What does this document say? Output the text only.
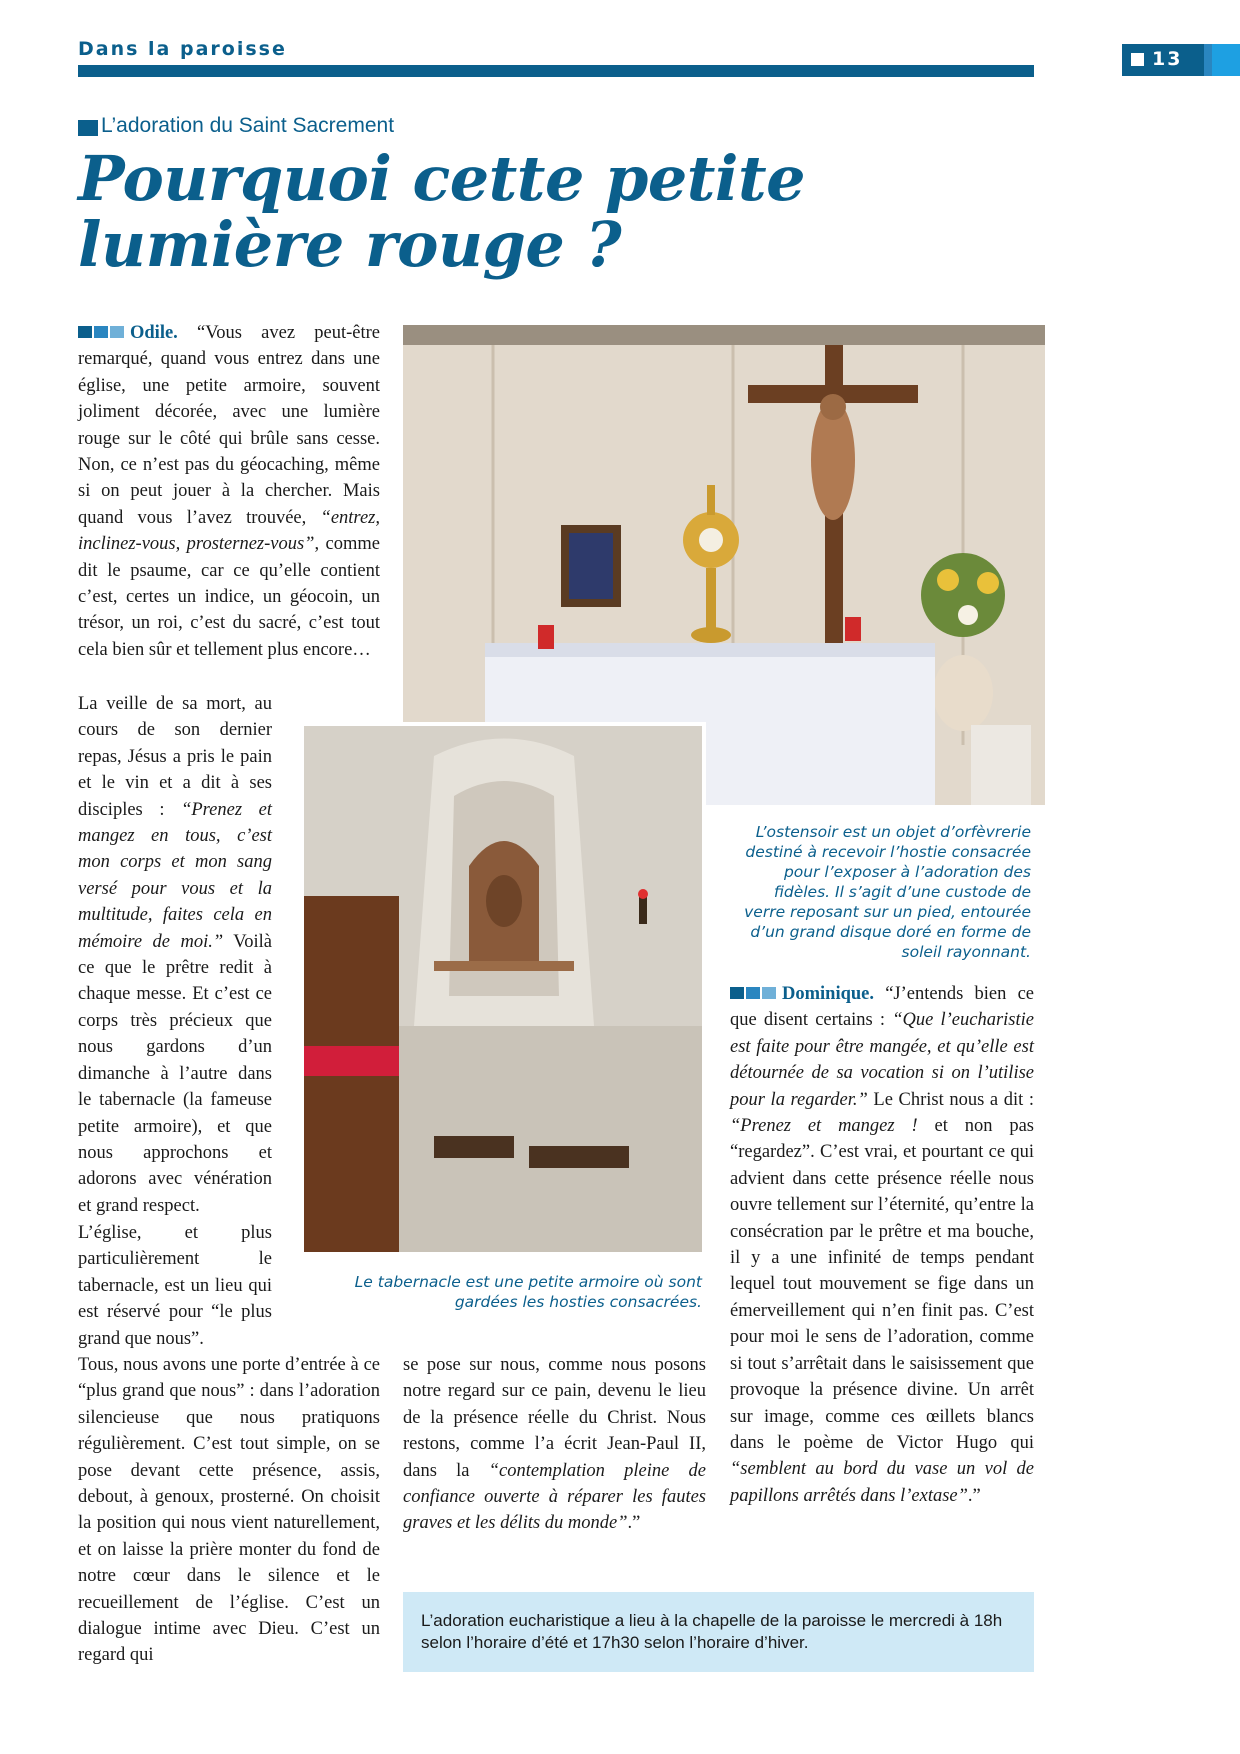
Dans la paroisse	13
L’adoration du Saint Sacrement
Pourquoi cette petite lumière rouge ?

L’ostensoir est un objet d’orfèvrerie destiné à recevoir l’hostie consacrée pour l’exposer à l’adoration des fidèles. Il s’agit d’une custode de verre reposant sur un pied, entourée d’un grand disque doré en forme de soleil rayonnant.

Le tabernacle est une petite armoire où sont gardées les hosties consacrées.

Odile. “Vous avez peut-être remarqué, quand vous entrez dans une église, une petite armoire, souvent joliment décorée, avec une lumière rouge sur le côté qui brûle sans cesse. Non, ce n’est pas du géocaching, même si on peut jouer à la chercher. Mais quand vous l’avez trouvée, “entrez, inclinez-vous, prosternez-vous”, comme dit le psaume, car ce qu’elle contient c’est, certes un indice, un géocoin, un trésor, un roi, c’est du sacré, c’est tout cela bien sûr et tellement plus encore…

La veille de sa mort, au cours de son dernier repas, Jésus a pris le pain et le vin et a dit à ses disciples : “Prenez et mangez en tous, c’est mon corps et mon sang versé pour vous et la multitude, faites cela en mémoire de moi.” Voilà ce que le prêtre redit à chaque messe. Et c’est ce corps très précieux que nous gardons d’un dimanche à l’autre dans le tabernacle (la fameuse petite armoire), et que nous approchons et adorons avec vénération et grand respect.

L’église, et plus particulièrement le tabernacle, est un lieu qui est réservé pour “le plus grand que nous”.

Tous, nous avons une porte d’entrée à ce “plus grand que nous” : dans l’adoration silencieuse que nous pratiquons régulièrement. C’est tout simple, on se pose devant cette présence, assis, debout, à genoux, prosterné. On choisit la position qui nous vient naturellement, et on laisse la prière monter du fond de notre cœur dans le silence et le recueillement de l’église. C’est un dialogue intime avec Dieu. C’est un regard qui

se pose sur nous, comme nous posons notre regard sur ce pain, devenu le lieu de la présence réelle du Christ. Nous restons, comme l’a écrit Jean-Paul II, dans la “contemplation pleine de confiance ouverte à réparer les fautes graves et les délits du monde”.”

Dominique. “J’entends bien ce que disent certains : “Que l’eucharistie est faite pour être mangée, et qu’elle est détournée de sa vocation si on l’utilise pour la regarder.” Le Christ nous a dit : “Prenez et mangez ! et non pas “regardez”. C’est vrai, et pourtant ce qui advient dans cette présence réelle nous ouvre tellement sur l’éternité, qu’entre la consécration par le prêtre et ma bouche, il y a une infinité de temps pendant lequel tout mouvement se fige dans un émerveillement qui n’en finit pas. C’est pour moi le sens de l’adoration, comme si tout s’arrêtait dans le saisissement que provoque la présence divine. Un arrêt sur image, comme ces œillets blancs dans le poème de Victor Hugo qui “semblent au bord du vase un vol de papillons arrêtés dans l’extase”.”

L’adoration eucharistique a lieu à la chapelle de la paroisse le mercredi à 18h selon l’horaire d’été et 17h30 selon l’horaire d’hiver.
